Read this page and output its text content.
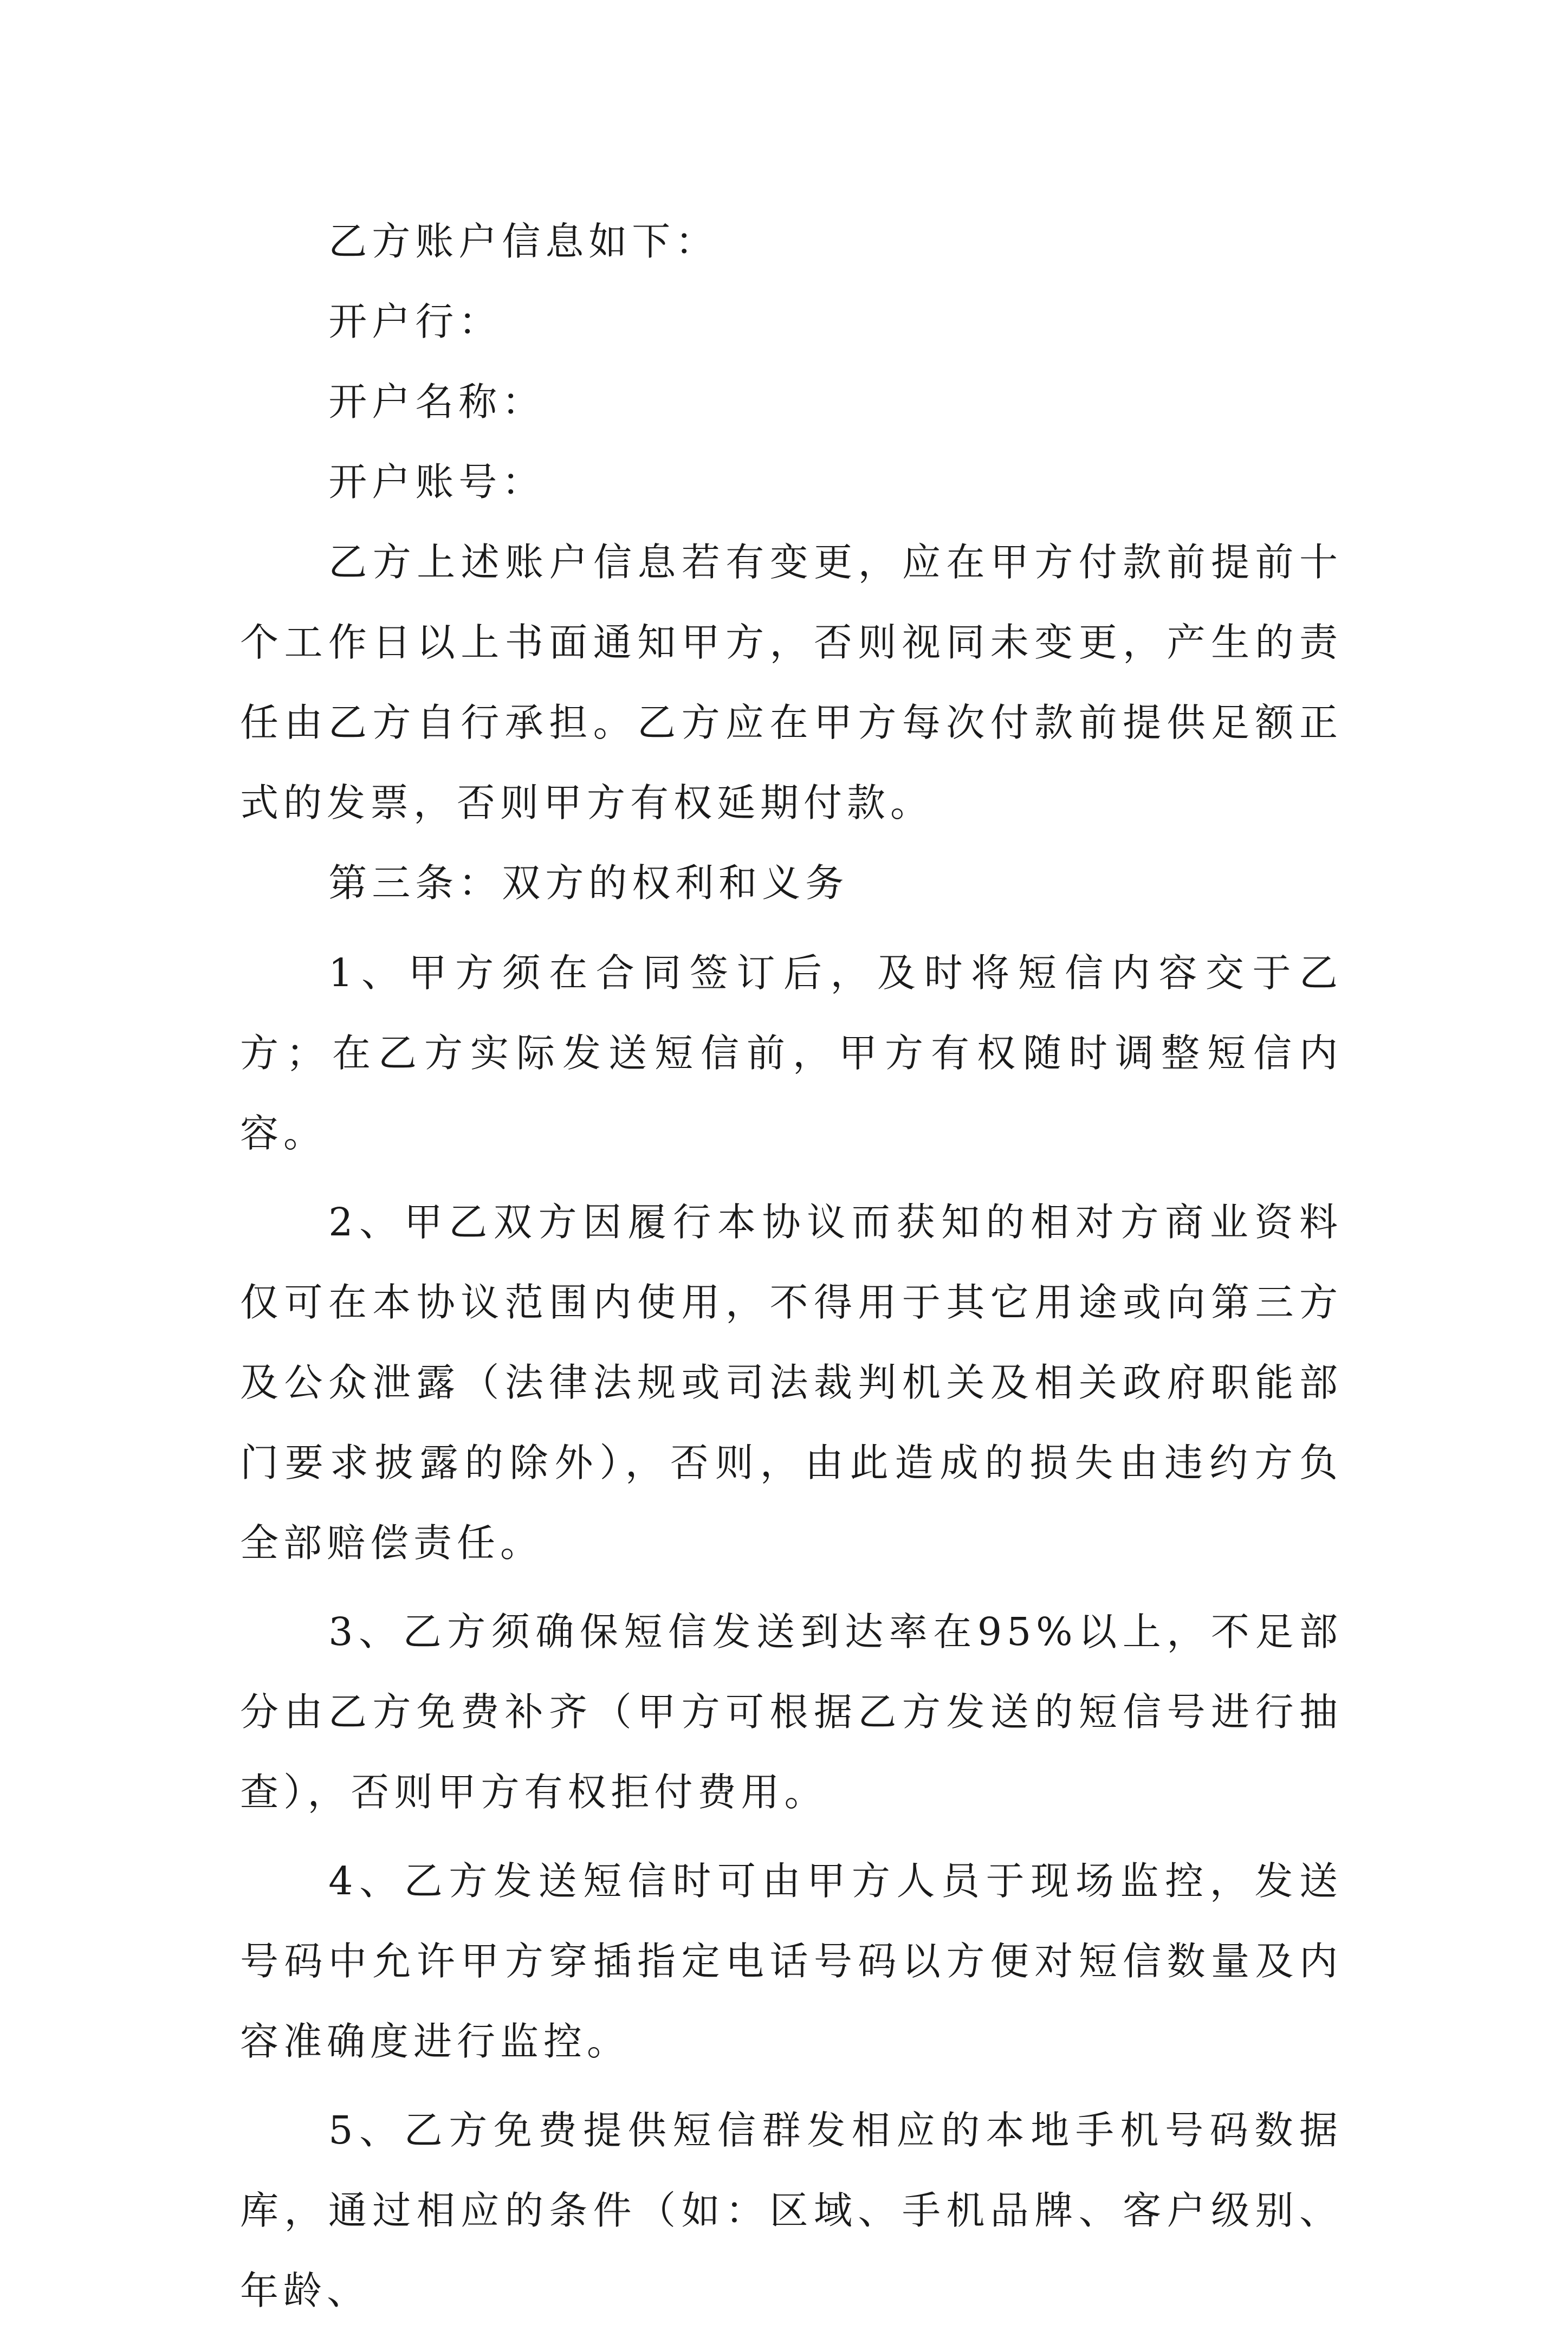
乙方账户信息如下：

开户行：

开户名称：

开户账号：

乙方上述账户信息若有变更，应在甲方付款前提前十个工作日以上书面通知甲方，否则视同未变更，产生的责任由乙方自行承担。乙方应在甲方每次付款前提供足额正式的发票，否则甲方有权延期付款。

第三条：双方的权利和义务

1、甲方须在合同签订后，及时将短信内容交于乙方；在乙方实际发送短信前，甲方有权随时调整短信内容。

2、甲乙双方因履行本协议而获知的相对方商业资料仅可在本协议范围内使用，不得用于其它用途或向第三方及公众泄露（法律法规或司法裁判机关及相关政府职能部门要求披露的除外），否则，由此造成的损失由违约方负全部赔偿责任。

3、乙方须确保短信发送到达率在95%以上，不足部分由乙方免费补齐（甲方可根据乙方发送的短信号进行抽查），否则甲方有权拒付费用。

4、乙方发送短信时可由甲方人员于现场监控，发送号码中允许甲方穿插指定电话号码以方便对短信数量及内容准确度进行监控。

5、乙方免费提供短信群发相应的本地手机号码数据库，通过相应的条件（如：区域、手机品牌、客户级别、年龄、
